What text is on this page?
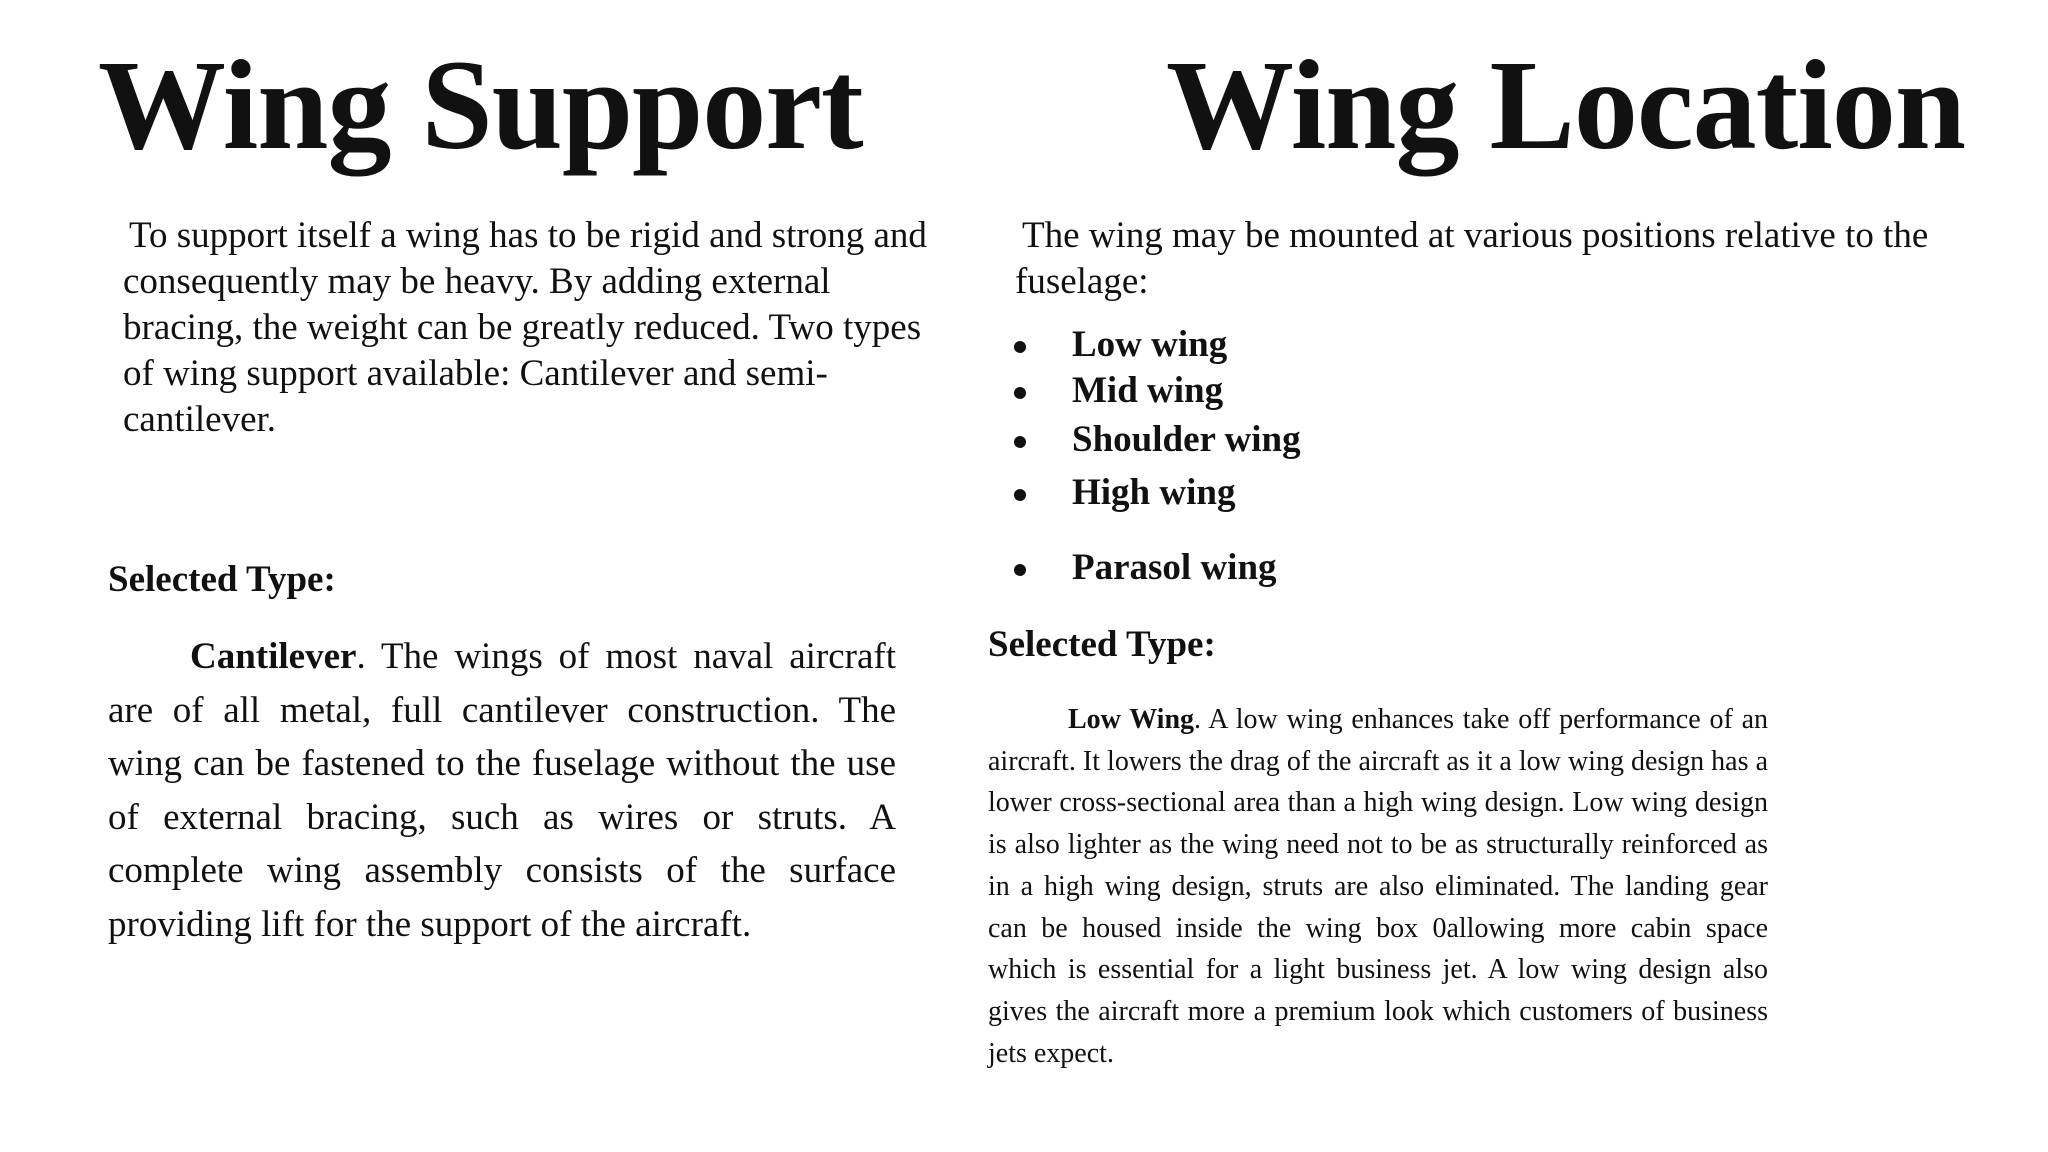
Wing Support

To support itself a wing has to be rigid and strong and consequently may be heavy. By adding external bracing, the weight can be greatly reduced. Two types of wing support available: Cantilever and semi-cantilever.

Selected Type:

Cantilever. The wings of most naval aircraft are of all metal, full cantilever construction. The wing can be fastened to the fuselage without the use of external bracing, such as wires or struts. A complete wing assembly consists of the surface providing lift for the support of the aircraft.

Wing Location

The wing may be mounted at various positions relative to the fuselage:

Low wing
Mid wing
Shoulder wing
High wing
Parasol wing
Selected Type:

Low Wing. A low wing enhances take off performance of an aircraft. It lowers the drag of the aircraft as it a low wing design has a lower cross-sectional area than a high wing design. Low wing design is also lighter as the wing need not to be as structurally reinforced as in a high wing design, struts are also eliminated. The landing gear can be housed inside the wing box 0allowing more cabin space which is essential for a light business jet. A low wing design also gives the aircraft more a premium look which customers of business jets expect.
